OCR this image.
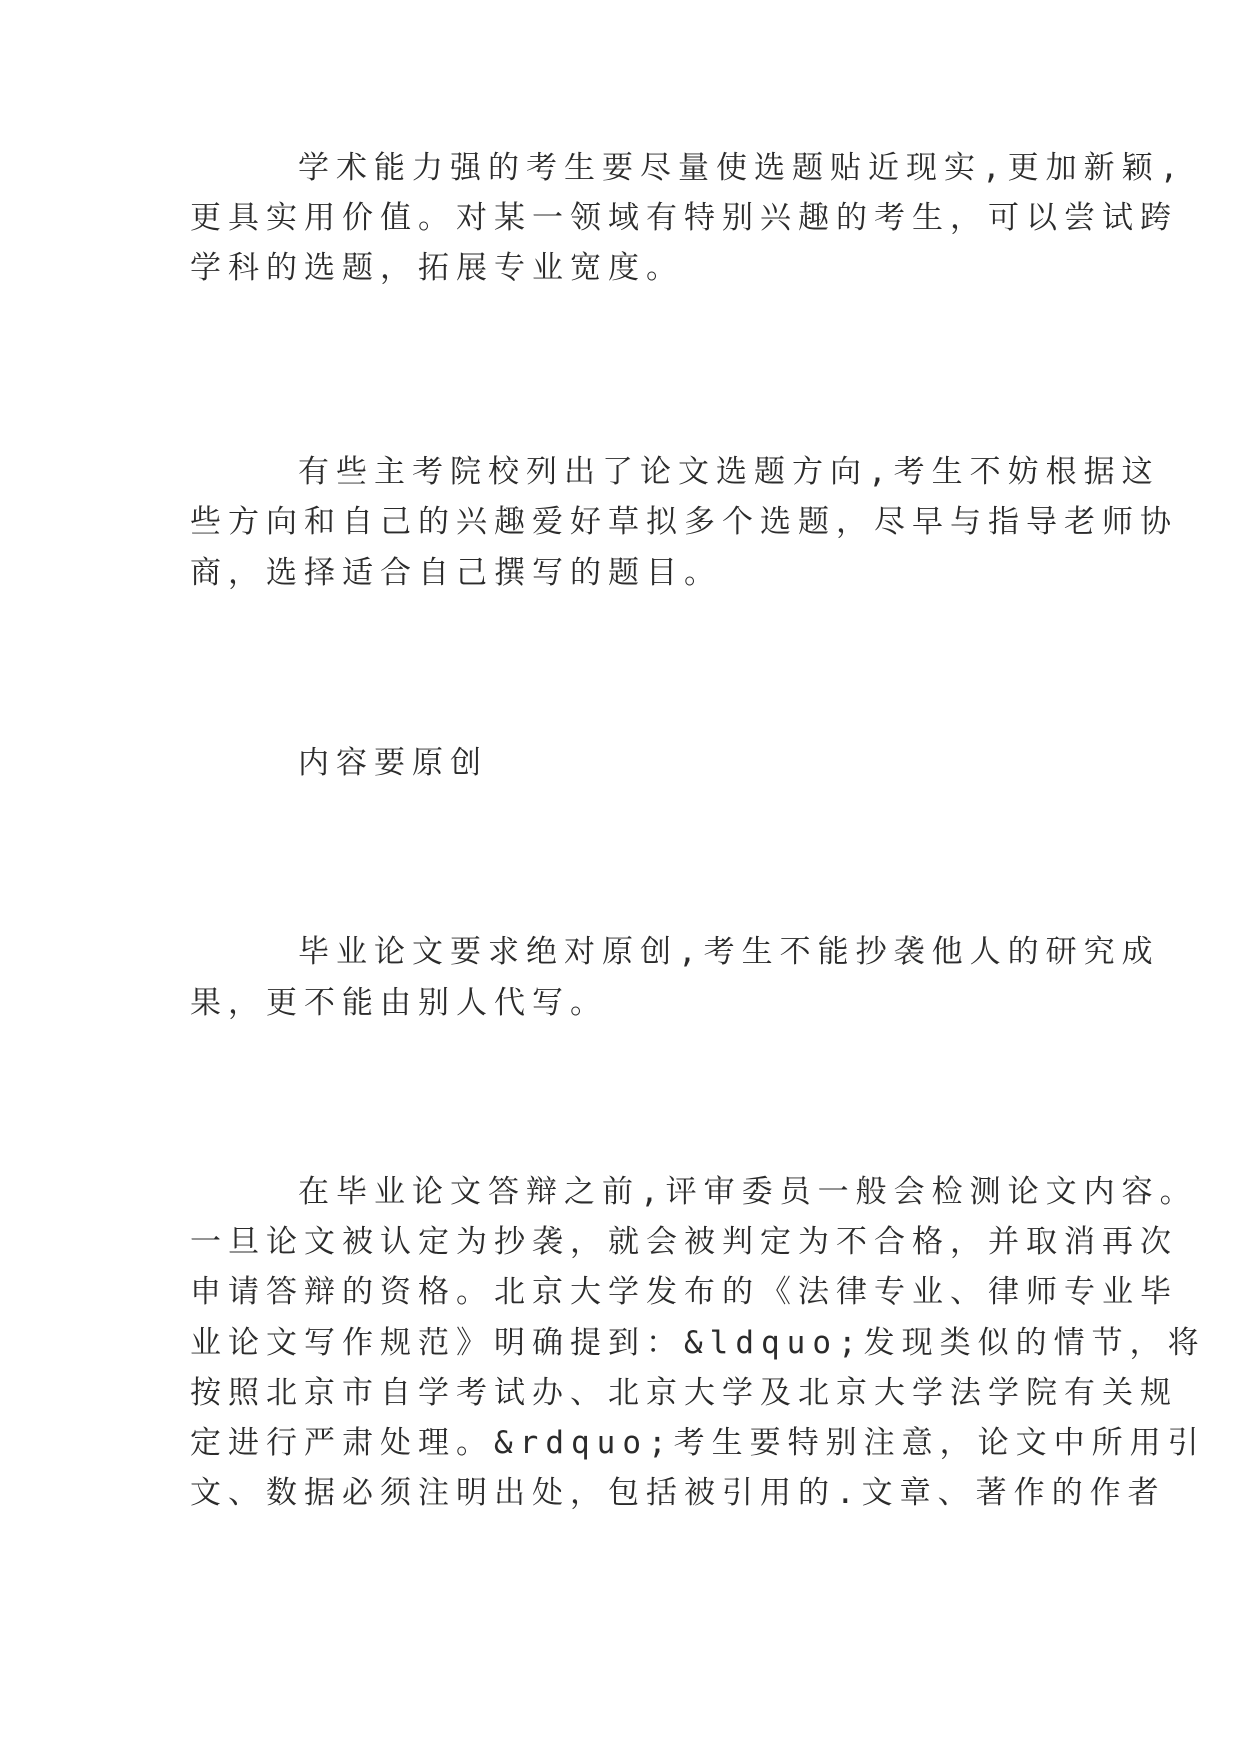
学术能力强的考生要尽量使选题贴近现实,更加新颖,
更具实用价值。对某一领域有特别兴趣的考生，可以尝试跨
学科的选题，拓展专业宽度。
有些主考院校列出了论文选题方向,考生不妨根据这
些方向和自己的兴趣爱好草拟多个选题，尽早与指导老师协
商，选择适合自己撰写的题目。
内容要原创
毕业论文要求绝对原创,考生不能抄袭他人的研究成
果，更不能由别人代写。
在毕业论文答辩之前,评审委员一般会检测论文内容。
一旦论文被认定为抄袭，就会被判定为不合格，并取消再次
申请答辩的资格。北京大学发布的《法律专业、律师专业毕
业论文写作规范》明确提到：&ldquo;发现类似的情节，将
按照北京市自学考试办、北京大学及北京大学法学院有关规
定进行严肃处理。&rdquo;考生要特别注意，论文中所用引
文、数据必须注明出处，包括被引用的.文章、著作的作者
